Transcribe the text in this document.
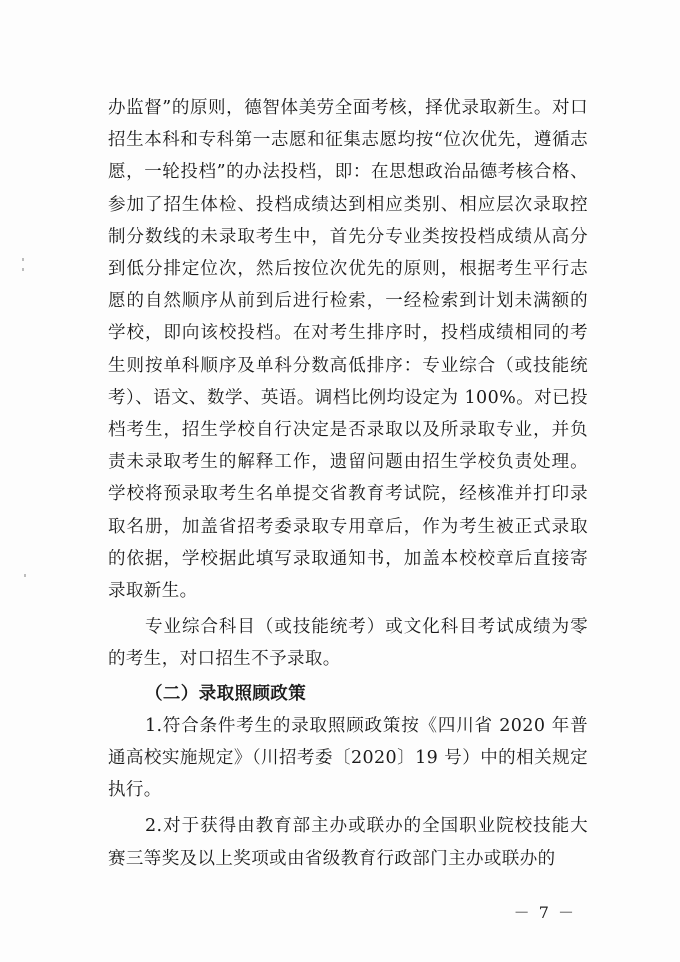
办监督”的原则，德智体美劳全面考核，择优录取新生。对口招生本科和专科第一志愿和征集志愿均按“位次优先，遵循志愿，一轮投档”的办法投档，即：在思想政治品德考核合格、参加了招生体检、投档成绩达到相应类别、相应层次录取控制分数线的未录取考生中，首先分专业类按投档成绩从高分到低分排定位次，然后按位次优先的原则，根据考生平行志愿的自然顺序从前到后进行检索，一经检索到计划未满额的学校，即向该校投档。在对考生排序时，投档成绩相同的考生则按单科顺序及单科分数高低排序：专业综合（或技能统考）、语文、数学、英语。调档比例均设定为 100%。对已投档考生，招生学校自行决定是否录取以及所录取专业，并负责未录取考生的解释工作，遗留问题由招生学校负责处理。学校将预录取考生名单提交省教育考试院，经核准并打印录取名册，加盖省招考委录取专用章后，作为考生被正式录取的依据，学校据此填写录取通知书，加盖本校校章后直接寄录取新生。

专业综合科目（或技能统考）或文化科目考试成绩为零的考生，对口招生不予录取。

（二）录取照顾政策

1.符合条件考生的录取照顾政策按《四川省 2020 年普通高校实施规定》（川招考委〔2020〕19 号）中的相关规定执行。

2.对于获得由教育部主办或联办的全国职业院校技能大赛三等奖及以上奖项或由省级教育行政部门主办或联办的

－ 7 －
